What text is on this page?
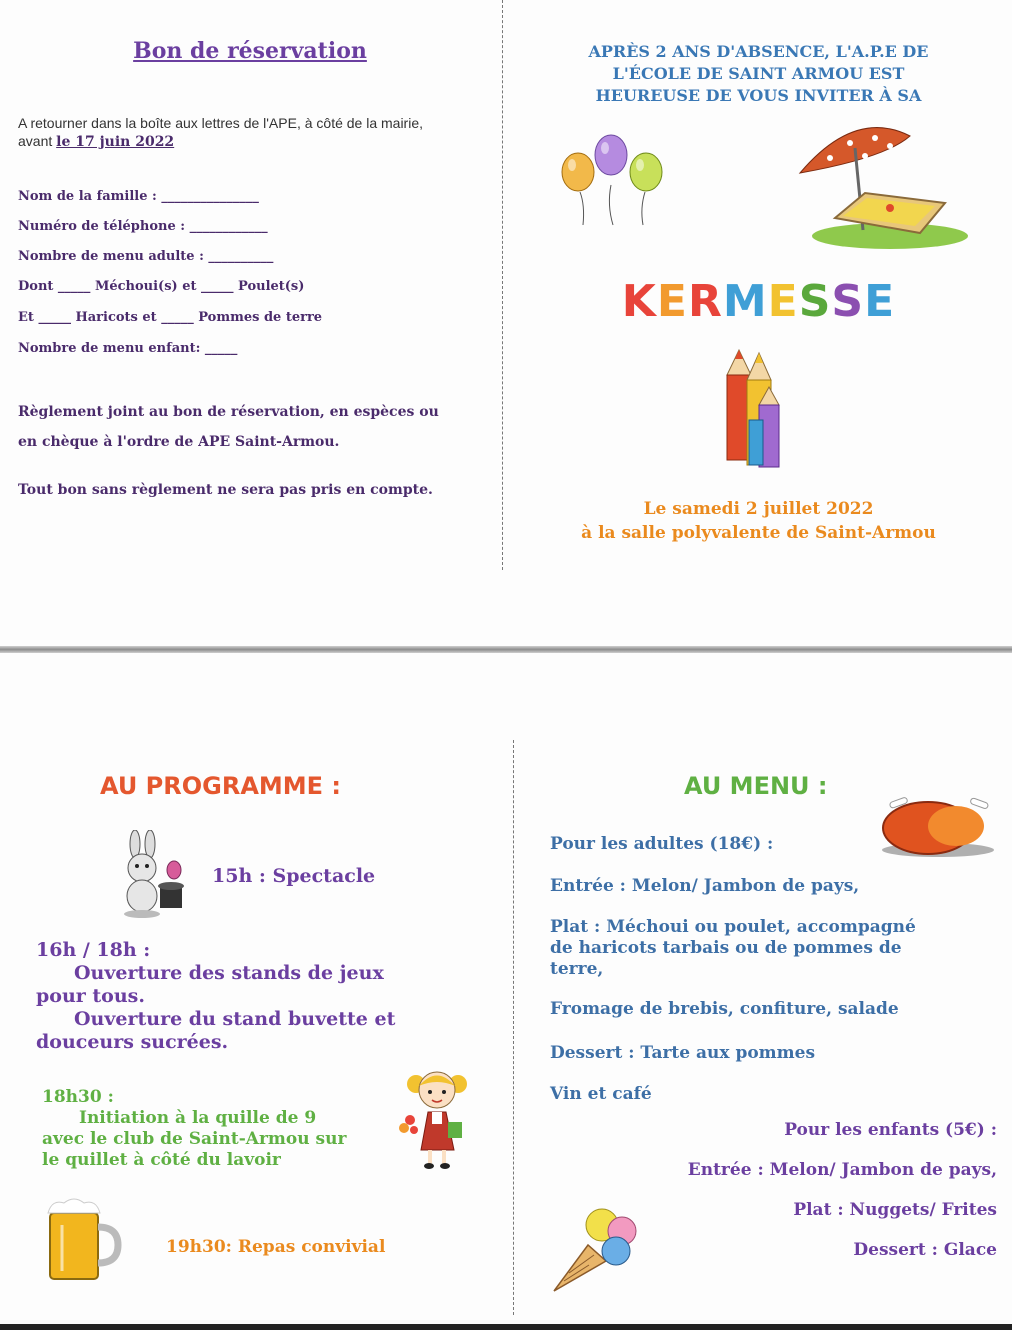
Bon de réservation
A retourner dans la boîte aux lettres de l'APE, à côté de la mairie,
avant le 17 juin 2022
Nom de la famille : _______________
Numéro de téléphone : ____________
Nombre de menu adulte : __________
Dont _____ Méchoui(s) et _____ Poulet(s)
Et _____ Haricots et _____ Pommes de terre
Nombre de menu enfant: _____
Règlement joint au bon de réservation, en espèces ou
en chèque à l'ordre de APE Saint-Armou.
Tout bon sans règlement ne sera pas pris en compte.
APRÈS 2 ANS D'ABSENCE, L'A.P.E DE
L'ÉCOLE DE SAINT ARMOU EST
HEUREUSE DE VOUS INVITER À SA
KERMESSE
Le samedi 2 juillet 2022
à la salle polyvalente de Saint-Armou
AU PROGRAMME :
15h : Spectacle
16h / 18h :
Ouverture des stands de jeux
pour tous.
Ouverture du stand buvette et
douceurs sucrées.
18h30 :
Initiation à la quille de 9
avec le club de Saint-Armou sur
le quillet à côté du lavoir
19h30: Repas convivial
AU MENU :
Pour les adultes (18€) :
Entrée : Melon/ Jambon de pays,
Plat : Méchoui ou poulet, accompagné
de haricots tarbais ou de pommes de
terre,
Fromage de brebis, confiture, salade
Dessert : Tarte aux pommes
Vin et café
Pour les enfants (5€) :
Entrée : Melon/ Jambon de pays,
Plat : Nuggets/ Frites
Dessert : Glace
